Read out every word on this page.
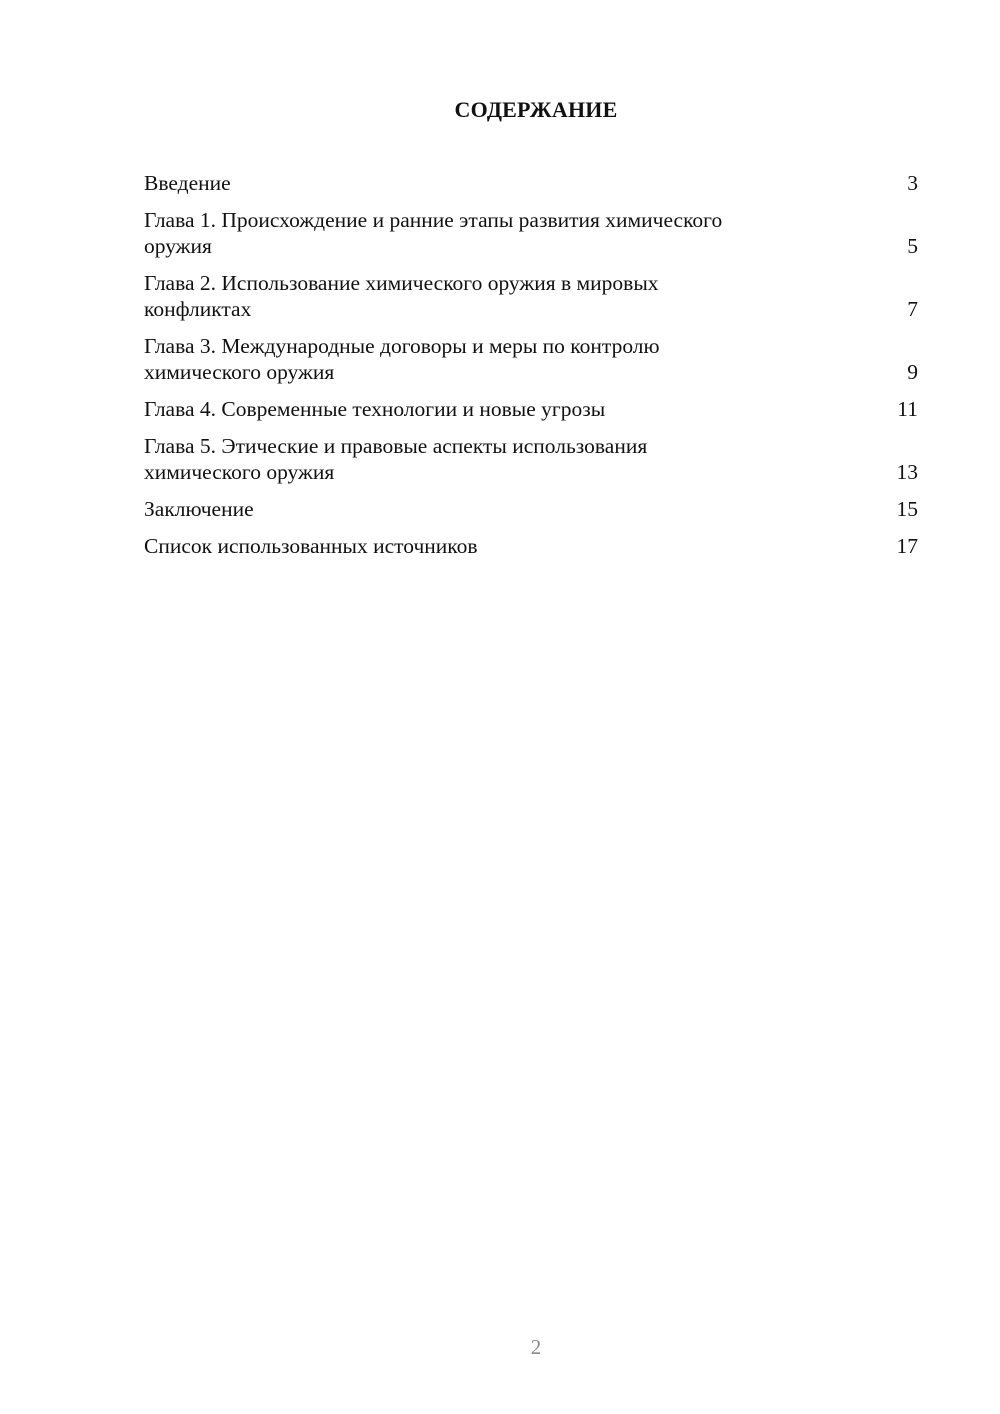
СОДЕРЖАНИЕ
Введение	3
Глава 1. Происхождение и ранние этапы развития химического
оружия	5
Глава 2. Использование химического оружия в мировых
конфликтах	7
Глава 3. Международные договоры и меры по контролю
химического оружия	9
Глава 4. Современные технологии и новые угрозы	11
Глава 5. Этические и правовые аспекты использования
химического оружия	13
Заключение	15
Список использованных источников	17
2
